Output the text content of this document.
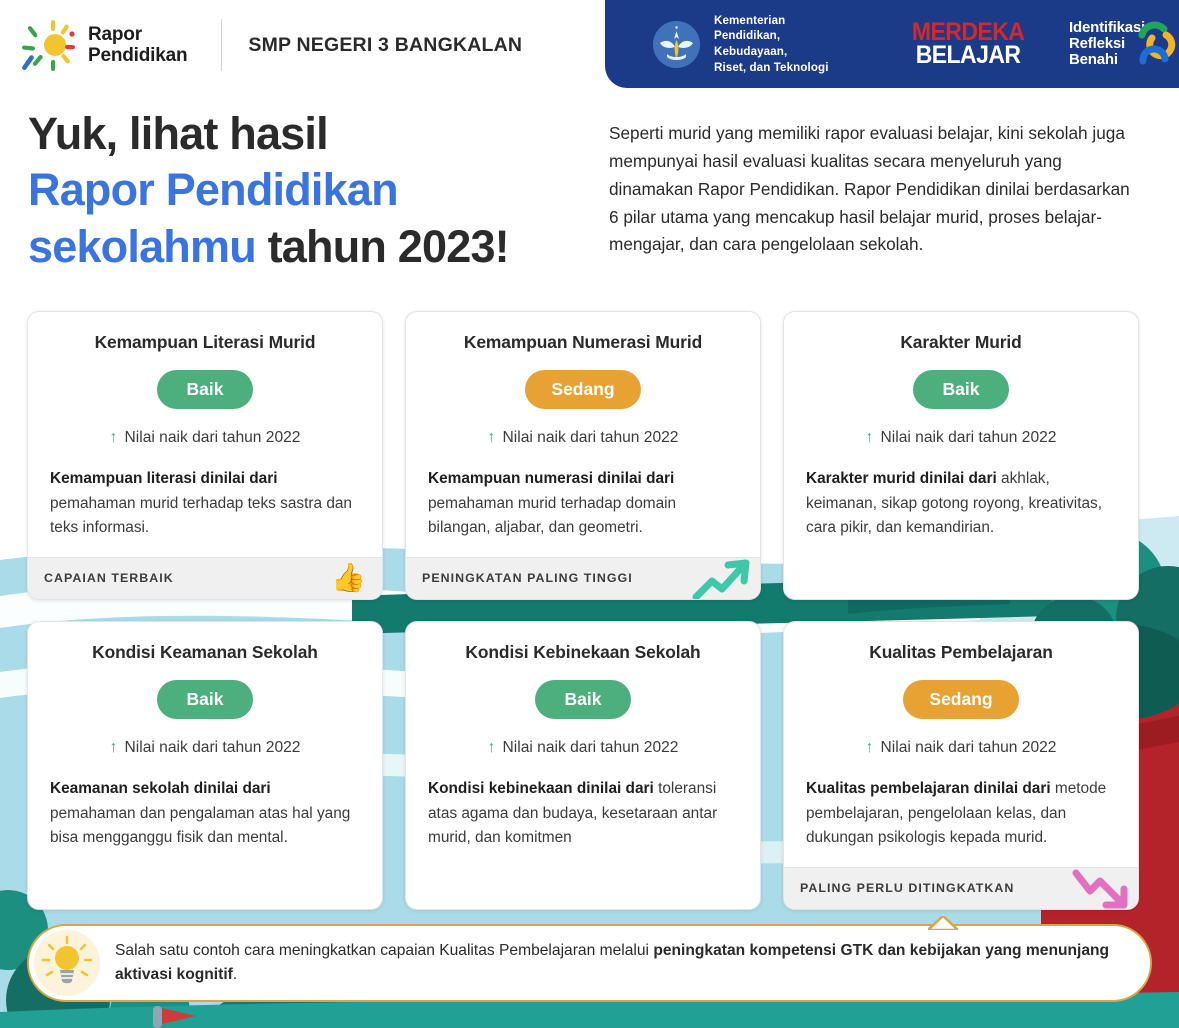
Rapor
Pendidikan	SMP NEGERI 3 BANGKALAN
Kementerian
Pendidikan, Kebudayaan,
Riset, dan Teknologi
MERDEKA
BELAJAR
Identifikasi
Refleksi
Benahi
Yuk, lihat hasil
Rapor Pendidikan
sekolahmu tahun 2023!
Seperti murid yang memiliki rapor evaluasi belajar, kini sekolah juga mempunyai hasil evaluasi kualitas secara menyeluruh yang dinamakan Rapor Pendidikan. Rapor Pendidikan dinilai berdasarkan 6 pilar utama yang mencakup hasil belajar murid, proses belajar-mengajar, dan cara pengelolaan sekolah.
Kemampuan Literasi Murid
Baik
↑ Nilai naik dari tahun 2022
Kemampuan literasi dinilai dari pemahaman murid terhadap teks sastra dan teks informasi.
CAPAIAN TERBAIK	👍
Kemampuan Numerasi Murid
Sedang
↑ Nilai naik dari tahun 2022
Kemampuan numerasi dinilai dari pemahaman murid terhadap domain bilangan, aljabar, dan geometri.
PENINGKATAN PALING TINGGI
Karakter Murid
Baik
↑ Nilai naik dari tahun 2022
Karakter murid dinilai dari akhlak, keimanan, sikap gotong royong, kreativitas, cara pikir, dan kemandirian.
Kondisi Keamanan Sekolah
Baik
↑ Nilai naik dari tahun 2022
Keamanan sekolah dinilai dari pemahaman dan pengalaman atas hal yang bisa mengganggu fisik dan mental.
Kondisi Kebinekaan Sekolah
Baik
↑ Nilai naik dari tahun 2022
Kondisi kebinekaan dinilai dari toleransi atas agama dan budaya, kesetaraan antar murid, dan komitmen
Kualitas Pembelajaran
Sedang
↑ Nilai naik dari tahun 2022
Kualitas pembelajaran dinilai dari metode pembelajaran, pengelolaan kelas, dan dukungan psikologis kepada murid.
PALING PERLU DITINGKATKAN
Salah satu contoh cara meningkatkan capaian Kualitas Pembelajaran melalui peningkatan kompetensi GTK dan kebijakan yang menunjang aktivasi kognitif.
